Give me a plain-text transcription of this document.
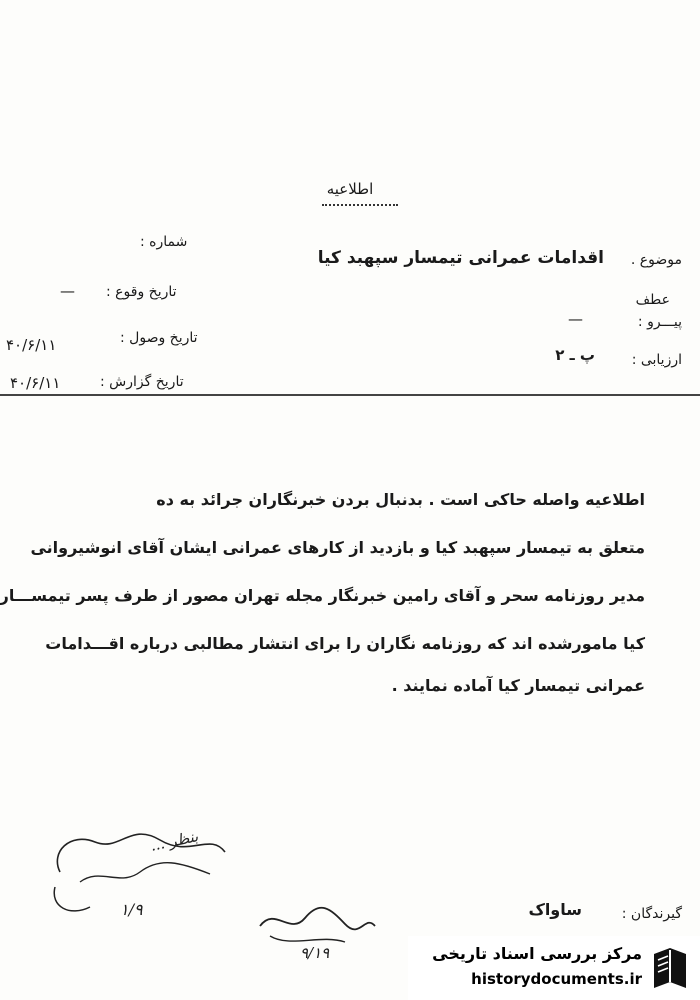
اطلاعیه
شماره :
تاریخ وقوع :
—
تاریخ وصول :
۴۰/۶/۱۱
تاریخ گزارش :
۴۰/۶/۱۱
موضوع .
اقدامات عمرانی تیمسار سپهبد کیا
عطف
پیـــرو :
—
ارزیابی :
پ ـ ۲
اطلاعیه واصله حاکی است . بدنبال بردن خبرنگاران جرائد به ده
متعلق به تیمسار سپهبد کیا و بازدید از کارهای عمرانی ایشان آقای انوشیروانی
مدیر روزنامه سحر و آقای رامین خبرنگار مجله تهران مصور از طرف پسر تیمســـار
کیا مامورشده اند که روزنامه نگاران را برای انتشار مطالبی درباره اقـــدامات
عمرانی تیمسار کیا آماده نمایند .
بنظر ...
۱/۹
۹/۱۹
گیرندگان :
ساواک
مرکز بررسی اسناد تاریخی
historydocuments.ir
